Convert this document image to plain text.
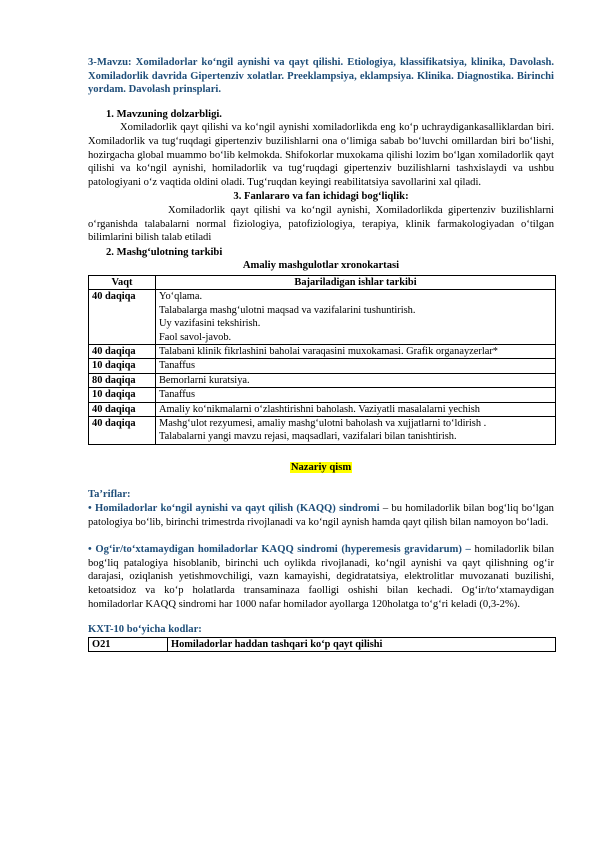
3-Mavzu: Xomiladorlar ko‘ngil aynishi va qayt qilishi. Etiologiya, klassifikatsiya, klinika, Davolash. Xomiladorlik davrida Gipertenziv xolatlar. Preeklampsiya, eklampsiya. Klinika. Diagnostika. Birinchi yordam. Davolash prinsplari.

1. Mavzuning dolzarbligi.

Xomiladorlik qayt qilishi va ko‘ngil aynishi xomiladorlikda eng ko‘p uchraydigankasalliklardan biri. Xomiladorlik va tug‘ruqdagi gipertenziv buzilishlarni ona o‘limiga sabab bo‘luvchi omillardan biri bo‘lishi, hozirgacha global muammo bo‘lib kelmokda. Shifokorlar muxokama qilishi lozim bo‘lgan xomiladorlik qayt qilishi va ko‘ngil aynishi, homiladorlik va tug‘ruqdagi gipertenziv buzilishlarni tashxislaydi va ushbu patologiyani o‘z vaqtida oldini oladi. Tug‘ruqdan keyingi reabilitatsiya savollarini xal qiladi.

3. Fanlararo va fan ichidagi bog‘liqlik:

Xomiladorlik qayt qilishi va ko‘ngil aynishi, Xomiladorlikda gipertenziv buzilishlarni o‘rganishda talabalarni normal fiziologiya, patofiziologiya, terapiya, klinik farmakologiyadan o‘tilgan bilimlarini bilish talab etiladi

2. Mashg‘ulotning tarkibi

Amaliy mashgulotlar xronokartasi

Vaqt	Bajariladigan ishlar tarkibi
40 daqiqa	Yo‘qlama.
Talabalarga mashg‘ulotni maqsad va vazifalarini tushuntirish.
Uy vazifasini tekshirish.
Faol savol-javob.

40 daqiqa	Talabani klinik fikrlashini baholai varaqasini muxokamasi. Grafik organayzerlar*

10 daqiqa	Tanaffus

80 daqiqa	Bemorlarni kuratsiya.

10 daqiqa	Tanaffus

40 daqiqa	Amaliy ko‘nikmalarni o‘zlashtirishni baholash. Vaziyatli masalalarni yechish

40 daqiqa	Mashg‘ulot rezyumesi, amaliy mashg‘ulotni baholash va xujjatlarni to‘ldirish .
Talabalarni yangi mavzu rejasi, maqsadlari, vazifalari bilan tanishtirish.

Nazariy qism

Ta’riflar:

• Homiladorlar ko‘ngil aynishi va qayt qilish (KAQQ) sindromi – bu homiladorlik bilan bog‘liq bo‘lgan patologiya bo‘lib, birinchi trimestrda rivojlanadi va ko‘ngil aynish hamda qayt qilish bilan namoyon bo‘ladi.

• Og‘ir/to‘xtamaydigan homiladorlar KAQQ sindromi (hyperemesis gravidarum) – homiladorlik bilan bog‘liq patalogiya hisoblanib, birinchi uch oylikda rivojlanadi, ko‘ngil aynishi va qayt qilishning og‘ir darajasi, oziqlanish yetishmovchiligi, vazn kamayishi, degidratatsiya, elektrolitlar muvozanati buzilishi, ketoatsidoz va ko‘p holatlarda transaminaza faolligi oshishi bilan kechadi. Og‘ir/to‘xtamaydigan homiladorlar KAQQ sindromi har 1000 nafar homilador ayollarga 120holatga to‘g‘ri keladi (0,3-2%).

KXT-10 bo‘yicha kodlar:

O21	Homiladorlar haddan tashqari ko‘p qayt qilishi
